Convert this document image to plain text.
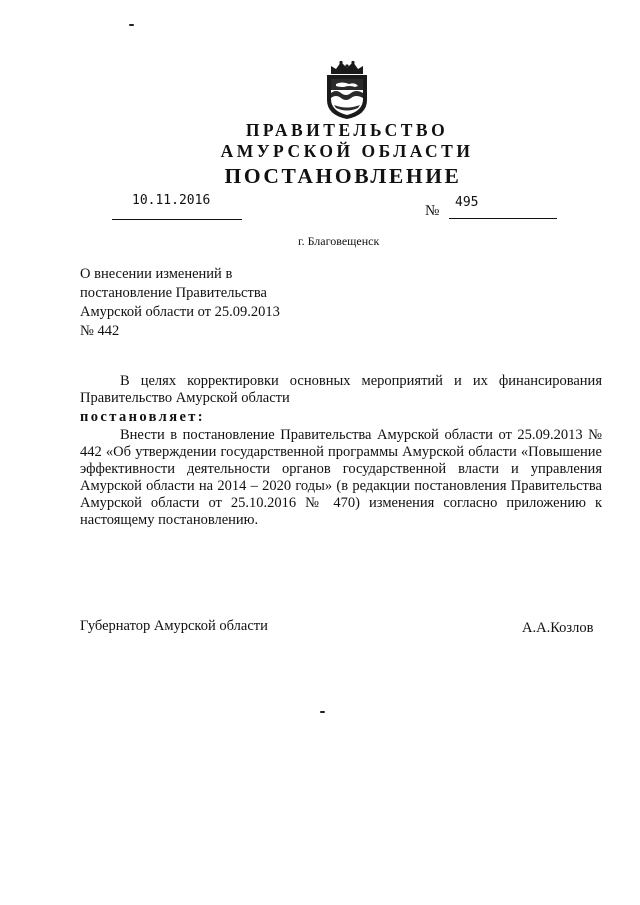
ПРАВИТЕЛЬСТВО
АМУРСКОЙ ОБЛАСТИ
ПОСТАНОВЛЕНИЕ
10.11.2016
№
495
г. Благовещенск
О внесении изменений в
постановление Правительства
Амурской области от 25.09.2013
№ 442

В целях корректировки основных мероприятий и их финансирования Правительство Амурской области

постановляет:

Внести в постановление Правительства Амурской области от 25.09.2013 № 442 «Об утверждении государственной программы Амурской области «Повышение эффективности деятельности органов государственной власти и управления Амурской области на 2014 – 2020 годы» (в редакции постановления Правительства Амурской области от 25.10.2016 № 470) изменения согласно приложению к настоящему постановлению.

Губернатор Амурской области	А.А.Козлов
